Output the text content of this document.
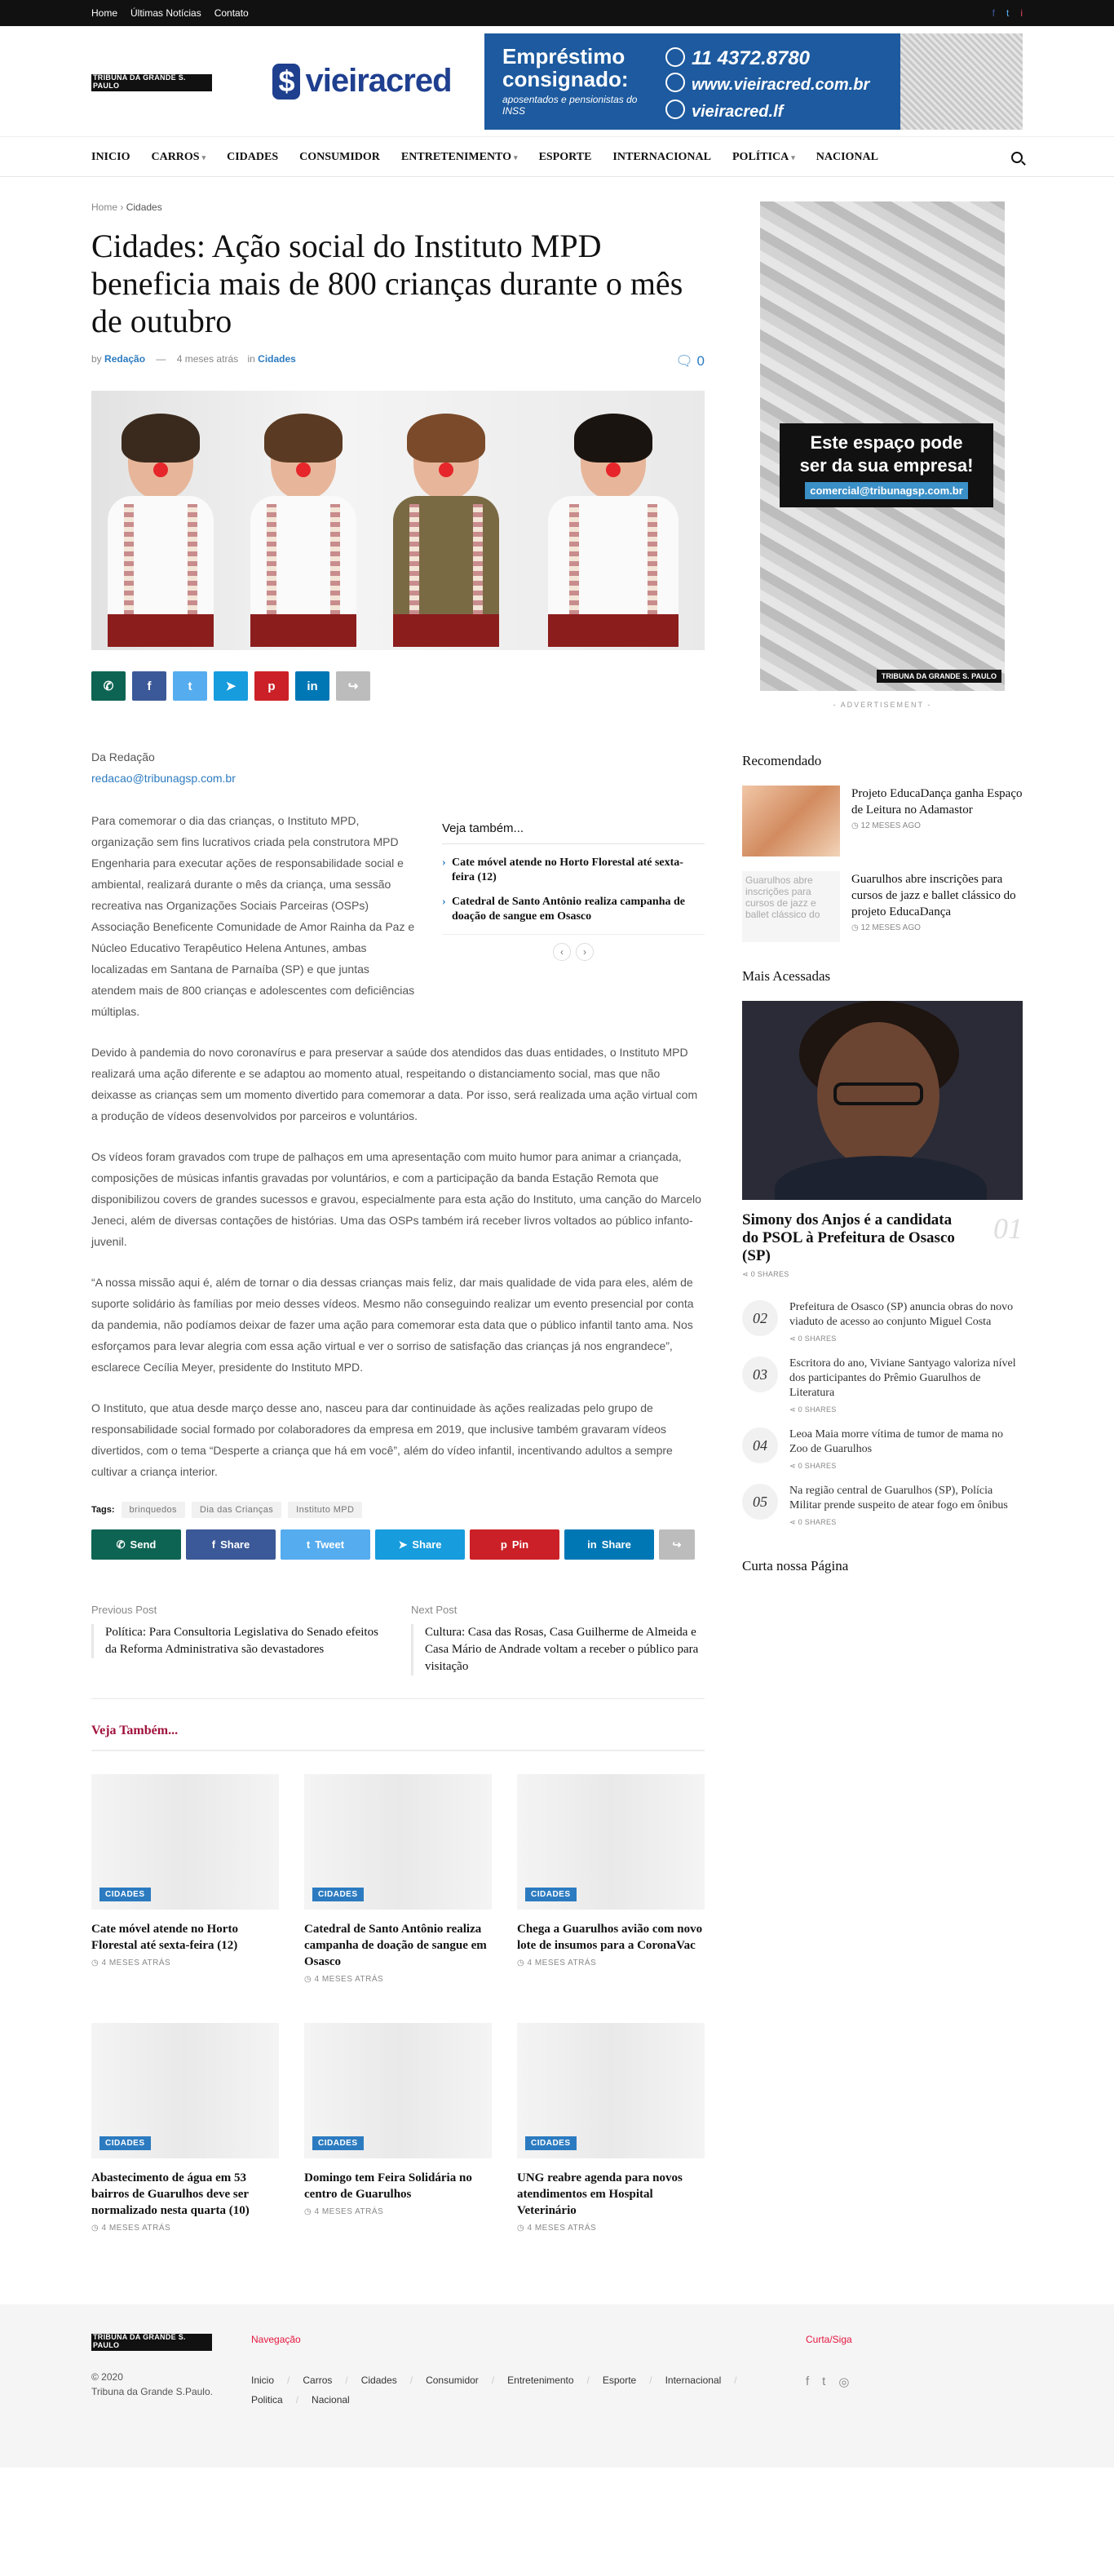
Home Últimas Notícias Contato	f t i
TRIBUNA DA GRANDE S. PAULO	$ vieiracred
Empréstimo consignado:
aposentados e pensionistas do INSS
11 4372.8780
www.vieiracred.com.br
vieiracred.lf
INICIO CARROS ▾ CIDADES CONSUMIDOR ENTRETENIMENTO ▾ ESPORTE INTERNACIONAL POLÍTICA ▾ NACIONAL
Home › Cidades
Cidades: Ação social do Instituto MPD beneficia mais de 800 crianças durante o mês de outubro
by Redação — 4 meses atrás in Cidades	🗨 0
✆	f	t	➤	p	in ↪
Da Redação
redacao@tribunagsp.com.br

Para comemorar o dia das crianças, o Instituto MPD, organização sem fins lucrativos criada pela construtora MPD Engenharia para executar ações de responsabilidade social e ambiental, realizará durante o mês da criança, uma sessão recreativa nas Organizações Sociais Parceiras (OSPs) Associação Beneficente Comunidade de Amor Rainha da Paz e Núcleo Educativo Terapêutico Helena Antunes, ambas localizadas em Santana de Parnaíba (SP) e que juntas atendem mais de 800 crianças e adolescentes com deficiências múltiplas.

Veja também...
› Cate móvel atende no Horto Florestal até sexta-feira (12)
› Catedral de Santo Antônio realiza campanha de doação de sangue em Osasco
‹	›

Devido à pandemia do novo coronavírus e para preservar a saúde dos atendidos das duas entidades, o Instituto MPD realizará uma ação diferente e se adaptou ao momento atual, respeitando o distanciamento social, mas que não deixasse as crianças sem um momento divertido para comemorar a data. Por isso, será realizada uma ação virtual com a produção de vídeos desenvolvidos por parceiros e voluntários.

Os vídeos foram gravados com trupe de palhaços em uma apresentação com muito humor para animar a criançada, composições de músicas infantis gravadas por voluntários, e com a participação da banda Estação Remota que disponibilizou covers de grandes sucessos e gravou, especialmente para esta ação do Instituto, uma canção do Marcelo Jeneci, além de diversas contações de histórias. Uma das OSPs também irá receber livros voltados ao público infanto-juvenil.

“A nossa missão aqui é, além de tornar o dia dessas crianças mais feliz, dar mais qualidade de vida para eles, além de suporte solidário às famílias por meio desses vídeos. Mesmo não conseguindo realizar um evento presencial por conta da pandemia, não podíamos deixar de fazer uma ação para comemorar esta data que o público infantil tanto ama. Nos esforçamos para levar alegria com essa ação virtual e ver o sorriso de satisfação das crianças já nos engrandece”, esclarece Cecília Meyer, presidente do Instituto MPD.

O Instituto, que atua desde março desse ano, nasceu para dar continuidade às ações realizadas pelo grupo de responsabilidade social formado por colaboradores da empresa em 2019, que inclusive também gravaram vídeos divertidos, com o tema “Desperte a criança que há em você”, além do vídeo infantil, incentivando adultos a sempre cultivar a criança interior.

Tags:	brinquedos	Dia das Crianças	Instituto MPD
✆ Send	f Share	t Tweet	➤ Share	p Pin	in Share	↪
Previous Post
Política: Para Consultoria Legislativa do Senado efeitos da Reforma Administrativa são devastadores
Next Post
Cultura: Casa das Rosas, Casa Guilherme de Almeida e Casa Mário de Andrade voltam a receber o público para visitação
Veja Também...
CIDADES
Cate móvel atende no Horto Florestal até sexta-feira (12)
◷ 4 MESES ATRÁS
CIDADES
Catedral de Santo Antônio realiza campanha de doação de sangue em Osasco
◷ 4 MESES ATRÁS
CIDADES
Chega a Guarulhos avião com novo lote de insumos para a CoronaVac
◷ 4 MESES ATRÁS
CIDADES
Abastecimento de água em 53 bairros de Guarulhos deve ser normalizado nesta quarta (10)
◷ 4 MESES ATRÁS
CIDADES
Domingo tem Feira Solidária no centro de Guarulhos
◷ 4 MESES ATRÁS
CIDADES
UNG reabre agenda para novos atendimentos em Hospital Veterinário
◷ 4 MESES ATRÁS
Este espaço pode
ser da sua empresa!
comercial@tribunagsp.com.br
TRIBUNA DA GRANDE S. PAULO
- ADVERTISEMENT -
Recomendado
Projeto EducaDança ganha Espaço de Leitura no Adamastor
◷ 12 MESES AGO
Guarulhos abre inscrições para cursos de jazz e ballet clássico do
Guarulhos abre inscrições para cursos de jazz e ballet clássico do projeto EducaDança
◷ 12 MESES AGO
Mais Acessadas
Simony dos Anjos é a candidata do PSOL à Prefeitura de Osasco (SP)
01
⋖ 0 SHARES
02
Prefeitura de Osasco (SP) anuncia obras do novo viaduto de acesso ao conjunto Miguel Costa
⋖ 0 SHARES
03
Escritora do ano, Viviane Santyago valoriza nível dos participantes do Prêmio Guarulhos de Literatura
⋖ 0 SHARES
04
Leoa Maia morre vítima de tumor de mama no Zoo de Guarulhos
⋖ 0 SHARES
05
Na região central de Guarulhos (SP), Polícia Militar prende suspeito de atear fogo em ônibus
⋖ 0 SHARES
Curta nossa Página
TRIBUNA DA GRANDE S. PAULO
© 2020
Tribuna da Grande S.Paulo.
Navegação
Inicio / Carros / Cidades / Consumidor / Entretenimento / Esporte / Internacional /
Politica / Nacional
Curta/Siga
f t ◎
